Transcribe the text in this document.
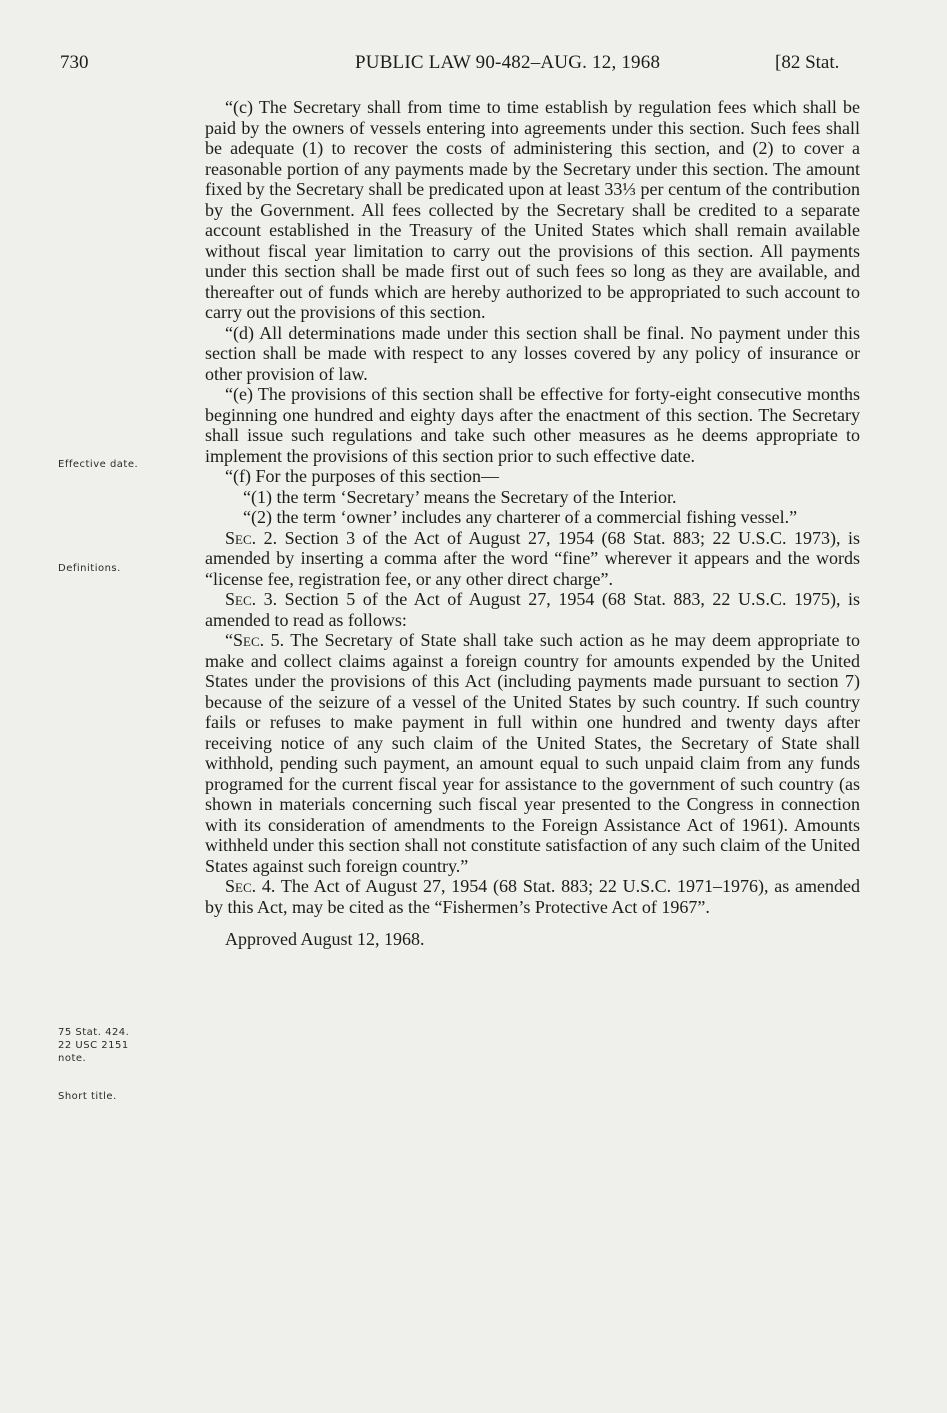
730	PUBLIC LAW 90-482–AUG. 12, 1968	[82 Stat.
Effective date.
Definitions.
75 Stat. 424.
22 USC 2151
note.
Short title.

“(c) The Secretary shall from time to time establish by regulation fees which shall be paid by the owners of vessels entering into agreements under this section. Such fees shall be adequate (1) to recover the costs of administering this section, and (2) to cover a reasonable portion of any payments made by the Secretary under this section. The amount fixed by the Secretary shall be predicated upon at least 33⅓ per centum of the contribution by the Government. All fees collected by the Secretary shall be credited to a separate account established in the Treasury of the United States which shall remain available without fiscal year limitation to carry out the provisions of this section. All payments under this section shall be made first out of such fees so long as they are available, and thereafter out of funds which are hereby authorized to be appropriated to such account to carry out the provisions of this section.

“(d) All determinations made under this section shall be final. No payment under this section shall be made with respect to any losses covered by any policy of insurance or other provision of law.

“(e) The provisions of this section shall be effective for forty-eight consecutive months beginning one hundred and eighty days after the enactment of this section. The Secretary shall issue such regulations and take such other measures as he deems appropriate to implement the provisions of this section prior to such effective date.

“(f) For the purposes of this section—

“(1) the term ‘Secretary’ means the Secretary of the Interior.

“(2) the term ‘owner’ includes any charterer of a commercial fishing vessel.”

Sec. 2. Section 3 of the Act of August 27, 1954 (68 Stat. 883; 22 U.S.C. 1973), is amended by inserting a comma after the word “fine” wherever it appears and the words “license fee, registration fee, or any other direct charge”.

Sec. 3. Section 5 of the Act of August 27, 1954 (68 Stat. 883, 22 U.S.C. 1975), is amended to read as follows:

“Sec. 5. The Secretary of State shall take such action as he may deem appropriate to make and collect claims against a foreign country for amounts expended by the United States under the provisions of this Act (including payments made pursuant to section 7) because of the seizure of a vessel of the United States by such country. If such country fails or refuses to make payment in full within one hundred and twenty days after receiving notice of any such claim of the United States, the Secretary of State shall withhold, pending such payment, an amount equal to such unpaid claim from any funds programed for the current fiscal year for assistance to the government of such country (as shown in materials concerning such fiscal year presented to the Congress in connection with its consideration of amendments to the Foreign Assistance Act of 1961). Amounts withheld under this section shall not constitute satisfaction of any such claim of the United States against such foreign country.”

Sec. 4. The Act of August 27, 1954 (68 Stat. 883; 22 U.S.C. 1971–1976), as amended by this Act, may be cited as the “Fishermen’s Protective Act of 1967”.

Approved August 12, 1968.
